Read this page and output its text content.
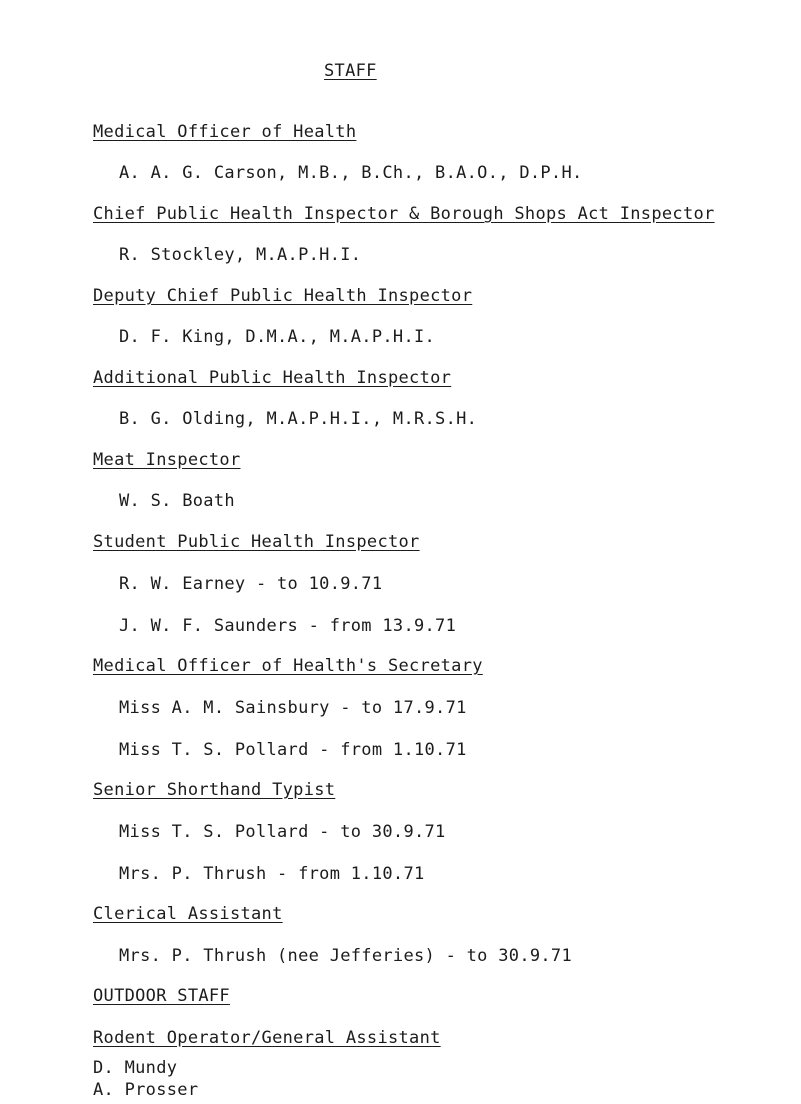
STAFF
Medical Officer of Health
A. A. G. Carson, M.B., B.Ch., B.A.O., D.P.H.
Chief Public Health Inspector & Borough Shops Act Inspector
R. Stockley, M.A.P.H.I.
Deputy Chief Public Health Inspector
D. F. King, D.M.A., M.A.P.H.I.
Additional Public Health Inspector
B. G. Olding, M.A.P.H.I., M.R.S.H.
Meat Inspector
W. S. Boath
Student Public Health Inspector
R. W. Earney - to 10.9.71
J. W. F. Saunders - from 13.9.71
Medical Officer of Health's Secretary
Miss A. M. Sainsbury - to 17.9.71
Miss T. S. Pollard - from 1.10.71
Senior Shorthand Typist
Miss T. S. Pollard - to 30.9.71
Mrs. P. Thrush - from 1.10.71
Clerical Assistant
Mrs. P. Thrush (nee Jefferies) - to 30.9.71
OUTDOOR STAFF
Rodent Operator/General Assistant
D. Mundy
A. Prosser
